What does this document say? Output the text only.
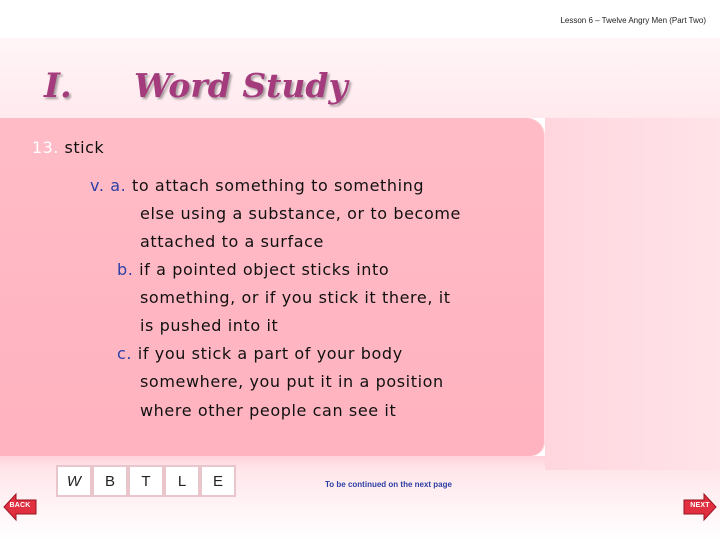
Lesson 6 – Twelve Angry Men (Part Two)
I. Word Study
13. stick
v. a. to attach something to something
else using a substance, or to become
attached to a surface
b. if a pointed object sticks into
something, or if you stick it there, it
is pushed into it
c. if you stick a part of your body
somewhere, you put it in a position
where other people can see it
W	B	T	L	E	To be continued on the next page
BACK	NEXT
